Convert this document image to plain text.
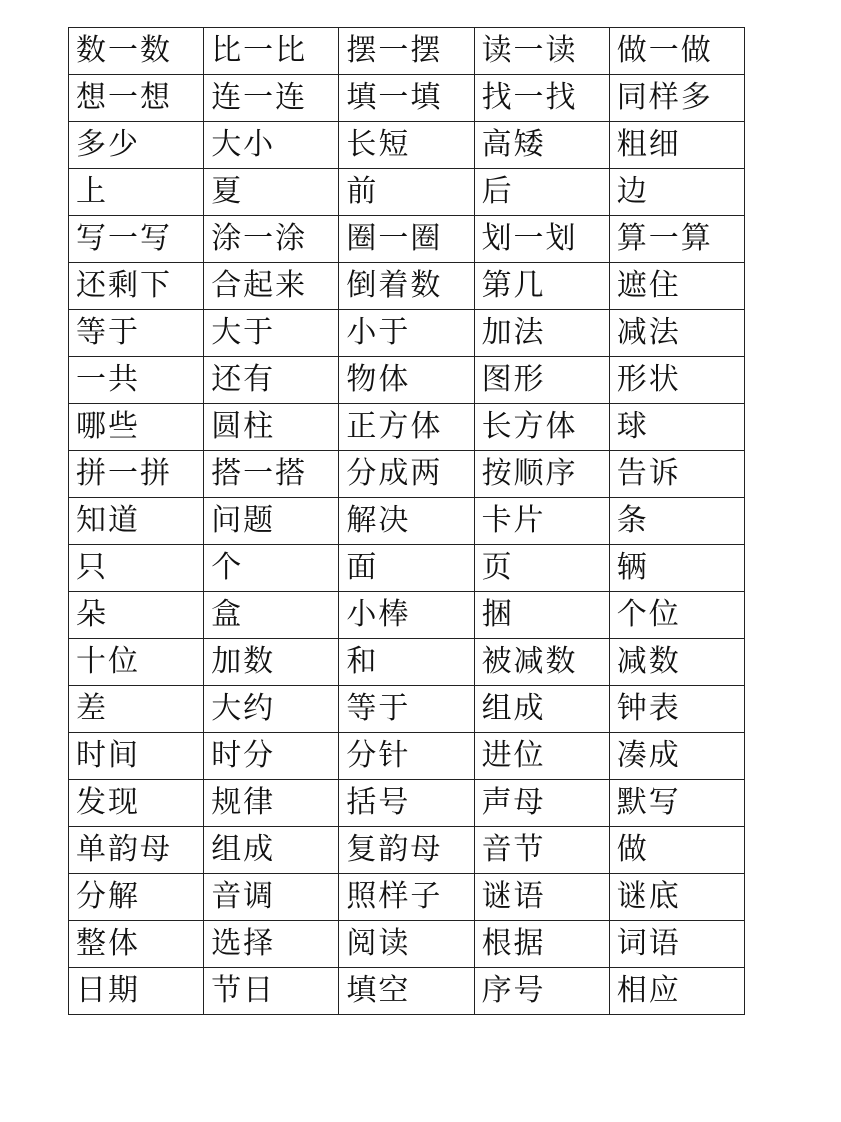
数一数	比一比	摆一摆	读一读	做一做
想一想	连一连	填一填	找一找	同样多
多少	大小	长短	高矮	粗细
上	夏	前	后	边
写一写	涂一涂	圈一圈	划一划	算一算
还剩下	合起来	倒着数	第几	遮住
等于	大于	小于	加法	减法
一共	还有	物体	图形	形状
哪些	圆柱	正方体	长方体	球
拼一拼	搭一搭	分成两	按顺序	告诉
知道	问题	解决	卡片	条
只	个	面	页	辆
朵	盒	小棒	捆	个位
十位	加数	和	被减数	减数
差	大约	等于	组成	钟表
时间	时分	分针	进位	凑成
发现	规律	括号	声母	默写
单韵母	组成	复韵母	音节	做
分解	音调	照样子	谜语	谜底
整体	选择	阅读	根据	词语
日期	节日	填空	序号	相应
